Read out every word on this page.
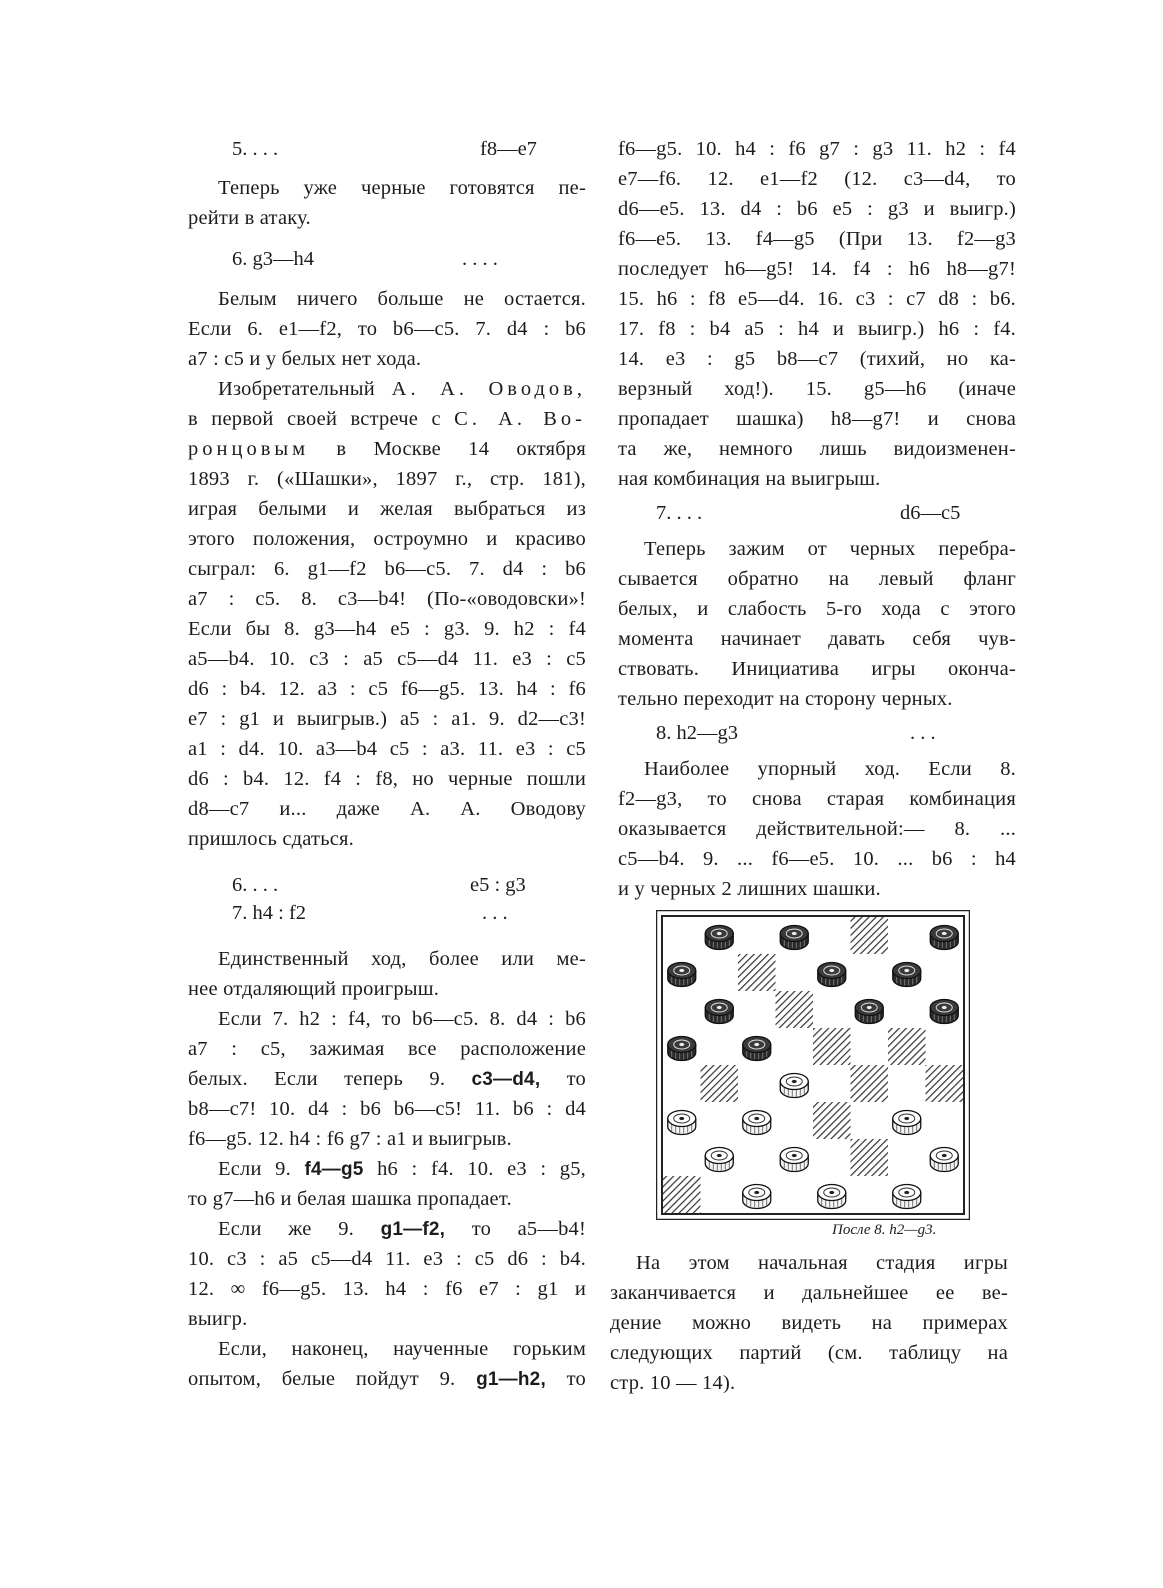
5. . . .	f8—e7
Теперь уже черные готовятся пе-
рейти в атаку.
6. g3—h4	. . . .
Белым ничего больше не остается.
Если 6. e1—f2, то b6—c5. 7. d4 : b6
a7 : c5 и у белых нет хода.
Изобретательный А. А. Оводов,
в первой своей встрече с С. А. Во-
ронцовым в Москве 14 октября
1893 г. («Шашки», 1897 г., стр. 181),
играя белыми и желая выбраться из
этого положения, остроумно и красиво
сыграл: 6. g1—f2 b6—c5. 7. d4 : b6
a7 : c5. 8. c3—b4! (По-«оводовски»!
Если бы 8. g3—h4 e5 : g3. 9. h2 : f4
a5—b4. 10. c3 : a5 c5—d4 11. e3 : c5
d6 : b4. 12. a3 : c5 f6—g5. 13. h4 : f6
e7 : g1 и выигрыв.) a5 : a1. 9. d2—c3!
a1 : d4. 10. a3—b4 c5 : a3. 11. e3 : c5
d6 : b4. 12. f4 : f8, но черные пошли
d8—c7 и... даже А. А. Оводову
пришлось сдаться.
6. . . .	e5 : g3
7. h4 : f2	. . .
Единственный ход, более или ме-
нее отдаляющий проигрыш.
Если 7. h2 : f4, то b6—c5. 8. d4 : b6
a7 : c5, зажимая все расположение
белых. Если теперь 9. c3—d4, то
b8—c7! 10. d4 : b6 b6—c5! 11. b6 : d4
f6—g5. 12. h4 : f6 g7 : a1 и выигрыв.
Если 9. f4—g5 h6 : f4. 10. e3 : g5,
то g7—h6 и белая шашка пропадает.
Если же 9. g1—f2, то a5—b4!
10. c3 : a5 c5—d4 11. e3 : c5 d6 : b4.
12. ∞ f6—g5. 13. h4 : f6 e7 : g1 и
выигр.
Если, наконец, наученные горьким
опытом, белые пойдут 9. g1—h2, то
f6—g5. 10. h4 : f6 g7 : g3 11. h2 : f4
e7—f6. 12. e1—f2 (12. c3—d4, то
d6—e5. 13. d4 : b6 e5 : g3 и выигр.)
f6—e5. 13. f4—g5 (При 13. f2—g3
последует h6—g5! 14. f4 : h6 h8—g7!
15. h6 : f8 e5—d4. 16. c3 : c7 d8 : b6.
17. f8 : b4 a5 : h4 и выигр.) h6 : f4.
14. e3 : g5 b8—c7 (тихий, но ка-
верзный ход!). 15. g5—h6 (иначе
пропадает шашка) h8—g7! и снова
та же, немного лишь видоизменен-
ная комбинация на выигрыш.
7. . . .	d6—c5
Теперь зажим от черных перебра-
сывается обратно на левый фланг
белых, и слабость 5-го хода с этого
момента начинает давать себя чув-
ствовать. Инициатива игры оконча-
тельно переходит на сторону черных.
8. h2—g3	. . .
Наиболее упорный ход. Если 8.
f2—g3, то снова старая комбинация
оказывается действительной:— 8. ...
c5—b4. 9. ... f6—e5. 10. ... b6 : h4
и у черных 2 лишних шашки.
После 8. h2—g3.
На этом начальная стадия игры
заканчивается и дальнейшее ее ве-
дение можно видеть на примерах
следующих партий (см. таблицу на
стр. 10 — 14).
